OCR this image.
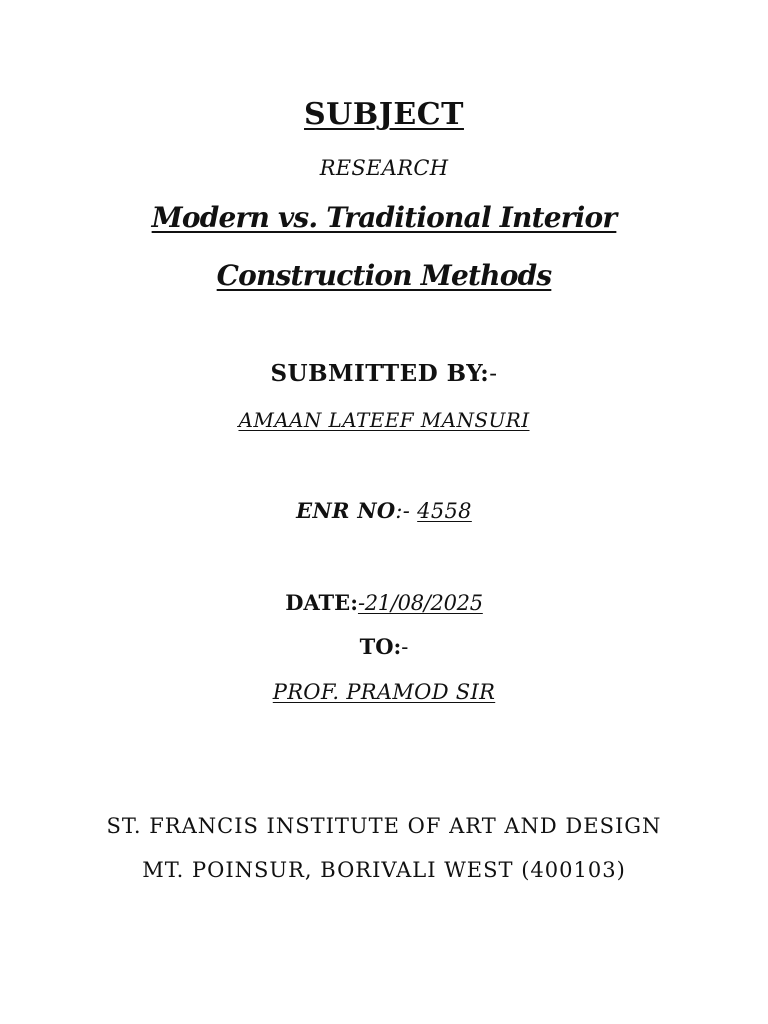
SUBJECT
RESEARCH
Modern vs. Traditional Interior
Construction Methods
SUBMITTED BY:-
AMAAN LATEEF MANSURI
ENR NO:- 4558
DATE:-21/08/2025
TO:-
PROF. PRAMOD SIR
ST. FRANCIS INSTITUTE OF ART AND DESIGN
MT. POINSUR, BORIVALI WEST (400103)
